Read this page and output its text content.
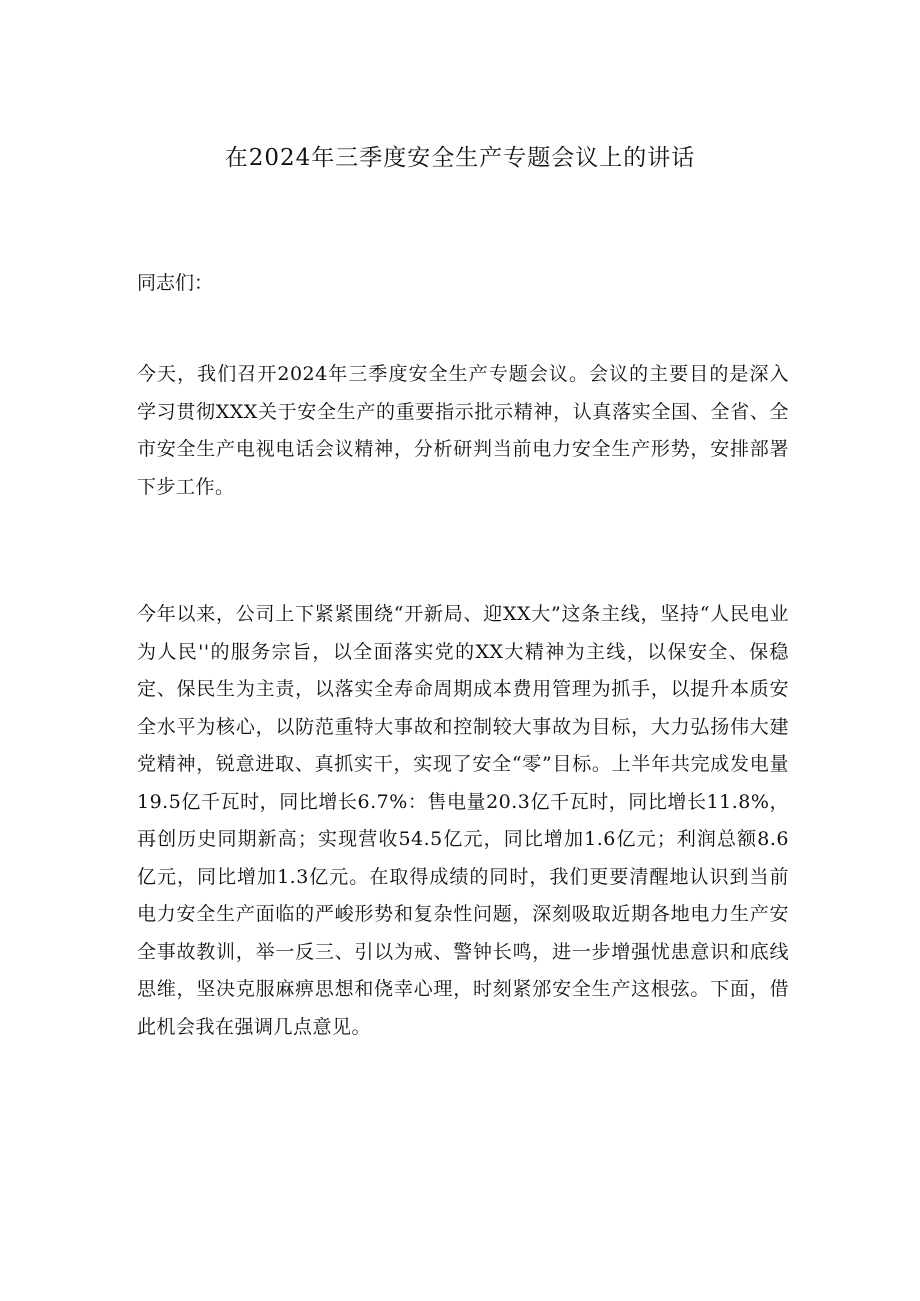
在2024年三季度安全生产专题会议上的讲话

同志们：

今天，我们召开2024年三季度安全生产专题会议。会议的主要目的是深入学习贯彻XXX关于安全生产的重要指示批示精神，认真落实全国、全省、全市安全生产电视电话会议精神，分析研判当前电力安全生产形势，安排部署下步工作。

今年以来，公司上下紧紧围绕“开新局、迎XX大”这条主线，坚持“人民电业为人民''的服务宗旨，以全面落实党的XX大精神为主线，以保安全、保稳定、保民生为主责，以落实全寿命周期成本费用管理为抓手，以提升本质安全水平为核心，以防范重特大事故和控制较大事故为目标，大力弘扬伟大建党精神，锐意进取、真抓实干，实现了安全“零”目标。上半年共完成发电量19.5亿千瓦时，同比增长6.7%：售电量20.3亿千瓦时，同比增长11.8%，再创历史同期新高；实现营收54.5亿元，同比增加1.6亿元；利润总额8.6亿元，同比增加1.3亿元。在取得成绩的同时，我们更要清醒地认识到当前电力安全生产面临的严峻形势和复杂性问题，深刻吸取近期各地电力生产安全事故教训，举一反三、引以为戒、警钟长鸣，进一步增强忧患意识和底线思维，坚决克服麻痹思想和侥幸心理，时刻紧邠安全生产这根弦。下面，借此机会我在强调几点意见。
